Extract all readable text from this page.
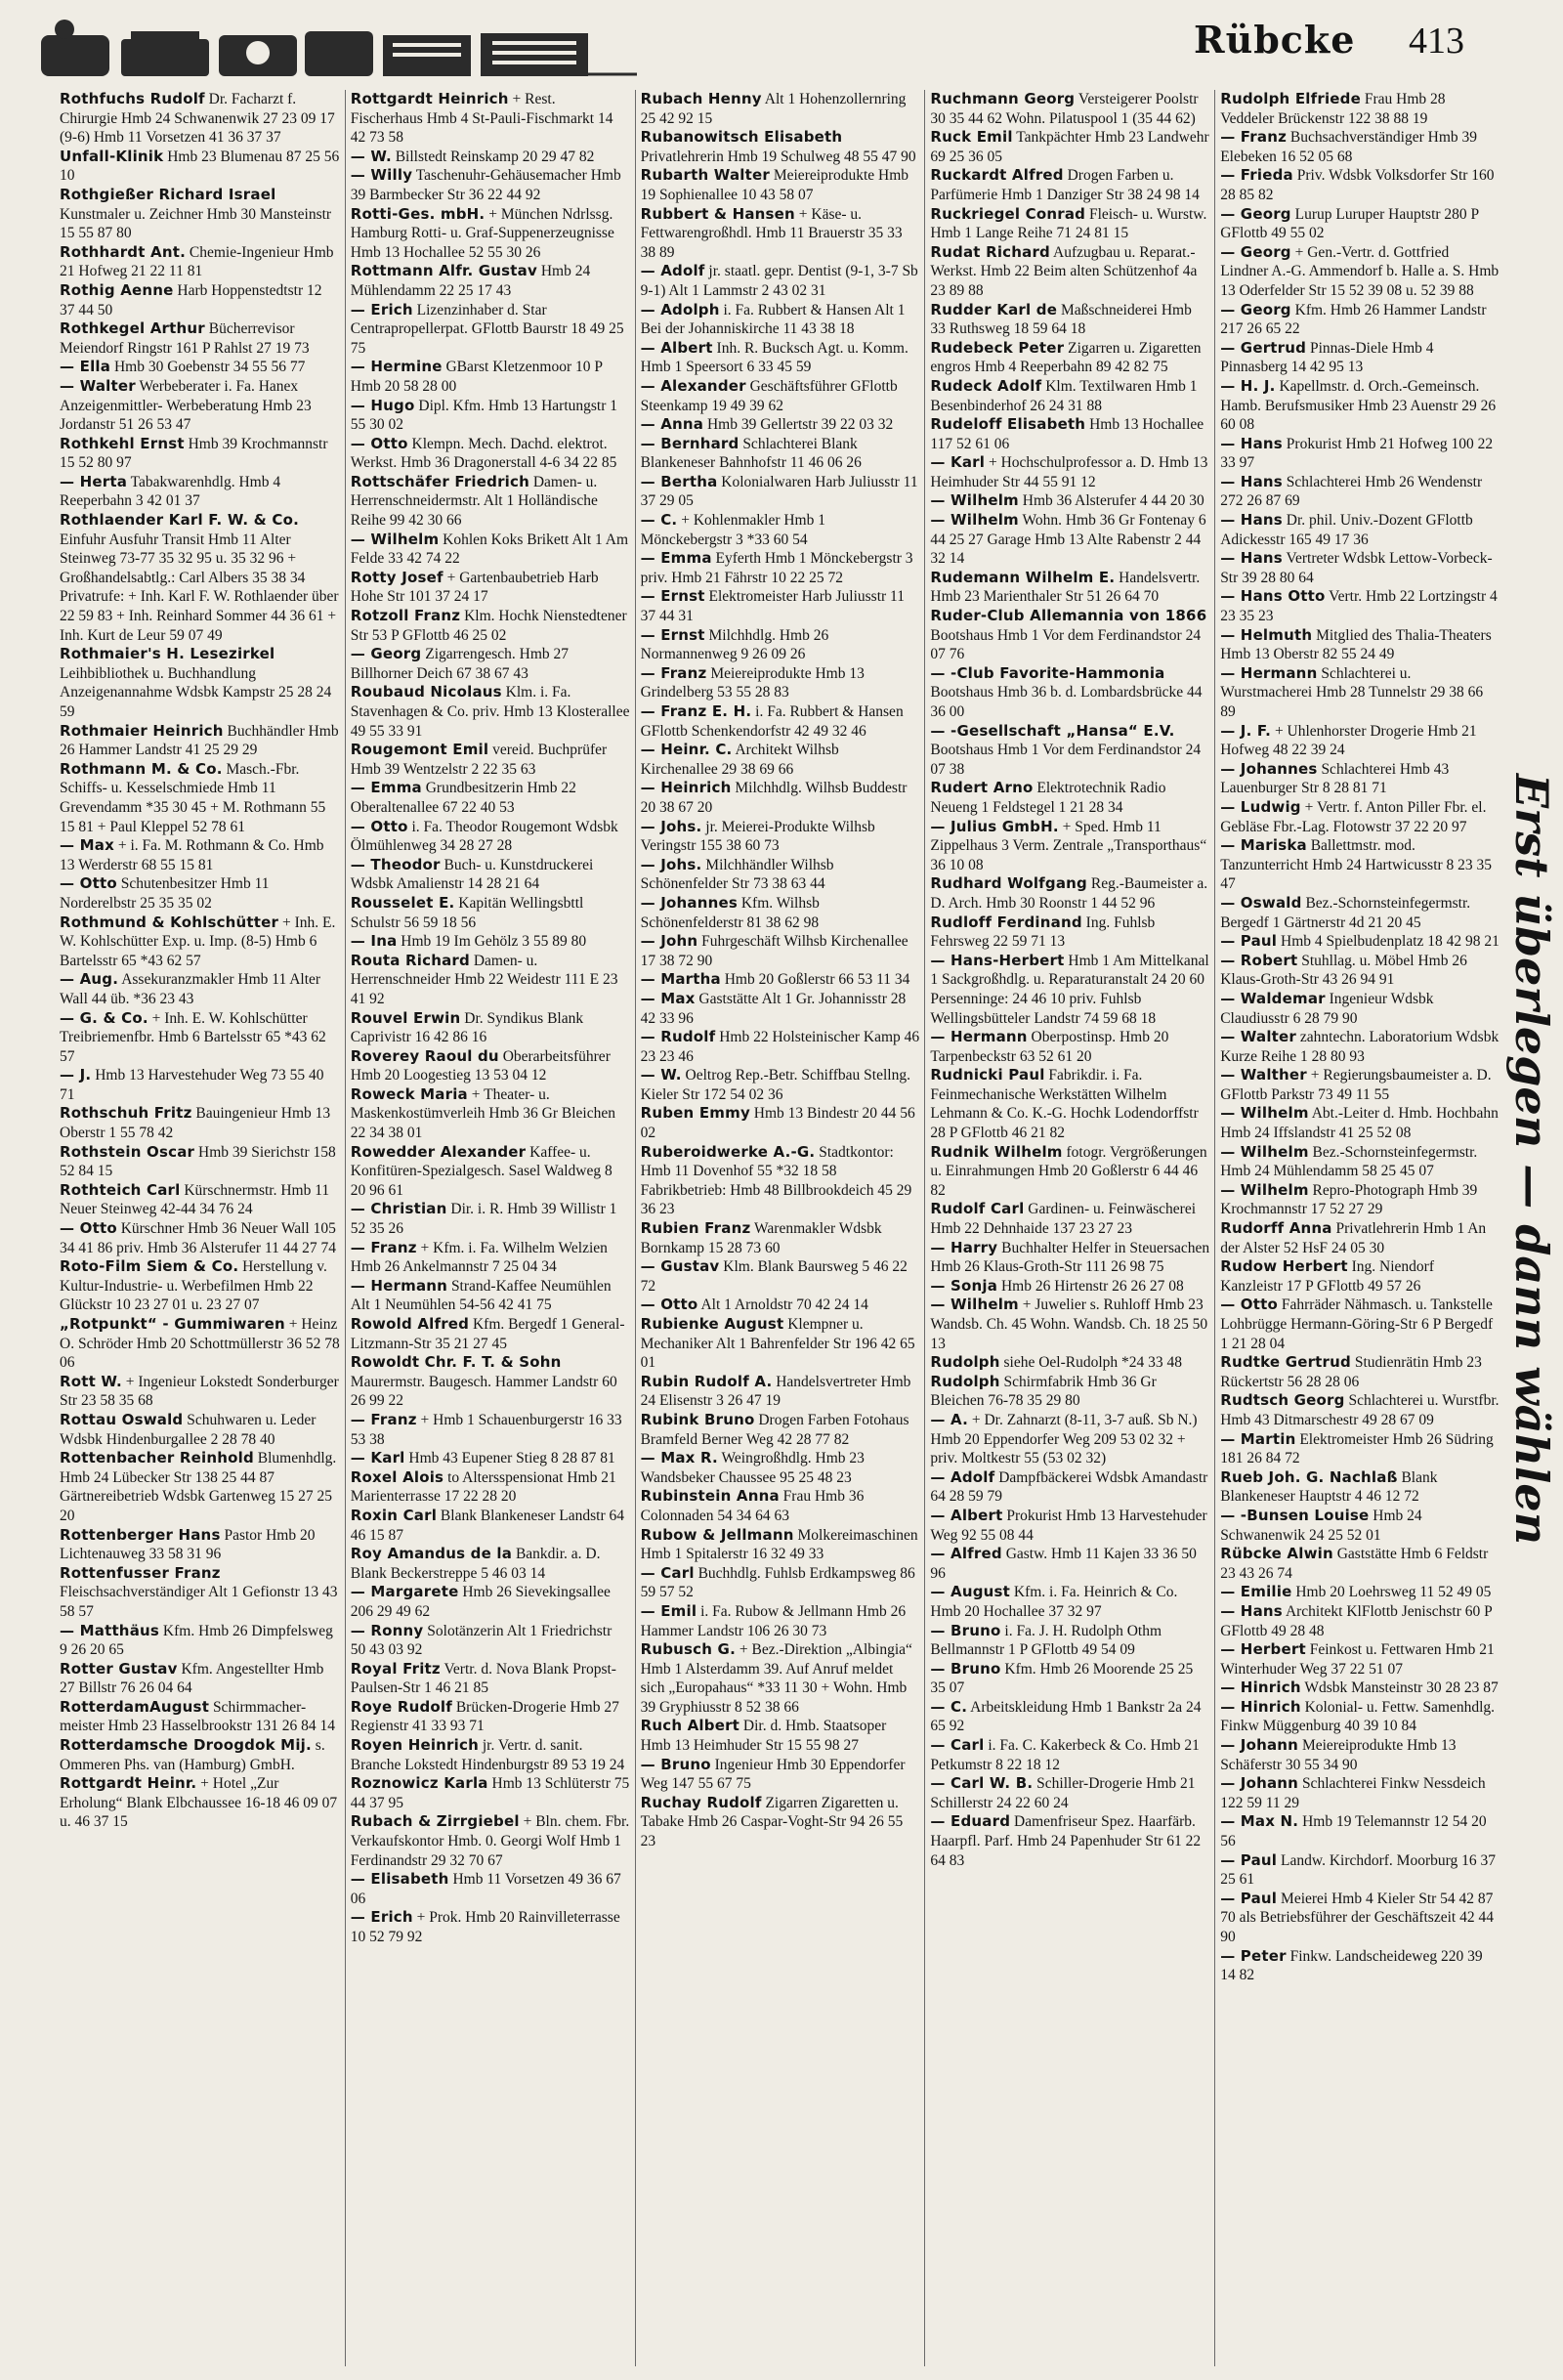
Rübcke 413

Rothfuchs Rudolf Dr. Facharzt f. Chirurgie Hmb 24 Schwanenwik 27 23 09 17 (9-6) Hmb 11 Vorsetzen 41 36 37 37

Unfall-Klinik Hmb 23 Blumenau 87 25 56 10

Rothgießer Richard Israel Kunstmaler u. Zeichner Hmb 30 Mansteinstr 15 55 87 80

Rothhardt Ant. Chemie-Ingenieur Hmb 21 Hofweg 21 22 11 81

Rothig Aenne Harb Hoppenstedtstr 12 37 44 50

Rothkegel Arthur Bücherrevisor Meiendorf Ringstr 161 P Rahlst 27 19 73

— Ella Hmb 30 Goebenstr 34 55 56 77

— Walter Werbeberater i. Fa. Hanex Anzeigenmittler- Werbeberatung Hmb 23 Jordanstr 51 26 53 47

Rothkehl Ernst Hmb 39 Krochmannstr 15 52 80 97

— Herta Tabakwarenhdlg. Hmb 4 Reeperbahn 3 42 01 37

Rothlaender Karl F. W. & Co. Einfuhr Ausfuhr Transit Hmb 11 Alter Steinweg 73-77 35 32 95 u. 35 32 96 + Großhandelsabtlg.: Carl Albers 35 38 34 Privatrufe: + Inh. Karl F. W. Rothlaender über 22 59 83 + Inh. Reinhard Sommer 44 36 61 + Inh. Kurt de Leur 59 07 49

Rothmaier's H. Lesezirkel Leihbibliothek u. Buchhandlung Anzeigenannahme Wdsbk Kampstr 25 28 24 59

Rothmaier Heinrich Buchhändler Hmb 26 Hammer Landstr 41 25 29 29

Rothmann M. & Co. Masch.-Fbr. Schiffs- u. Kesselschmiede Hmb 11 Grevendamm *35 30 45 + M. Rothmann 55 15 81 + Paul Kleppel 52 78 61

— Max + i. Fa. M. Rothmann & Co. Hmb 13 Werderstr 68 55 15 81

— Otto Schutenbesitzer Hmb 11 Norderelbstr 25 35 35 02

Rothmund & Kohlschütter + Inh. E. W. Kohlschütter Exp. u. Imp. (8-5) Hmb 6 Bartelsstr 65 *43 62 57

— Aug. Assekuranzmakler Hmb 11 Alter Wall 44 üb. *36 23 43

— G. & Co. + Inh. E. W. Kohlschütter Treibriemenfbr. Hmb 6 Bartelsstr 65 *43 62 57

— J. Hmb 13 Harvestehuder Weg 73 55 40 71

Rothschuh Fritz Bauingenieur Hmb 13 Oberstr 1 55 78 42

Rothstein Oscar Hmb 39 Sierichstr 158 52 84 15

Rothteich Carl Kürschnermstr. Hmb 11 Neuer Steinweg 42-44 34 76 24

— Otto Kürschner Hmb 36 Neuer Wall 105 34 41 86 priv. Hmb 36 Alsterufer 11 44 27 74

Roto-Film Siem & Co. Herstellung v. Kultur-Industrie- u. Werbefilmen Hmb 22 Glückstr 10 23 27 01 u. 23 27 07

„Rotpunkt“ - Gummiwaren + Heinz O. Schröder Hmb 20 Schottmüllerstr 36 52 78 06

Rott W. + Ingenieur Lokstedt Sonderburger Str 23 58 35 68

Rottau Oswald Schuhwaren u. Leder Wdsbk Hindenburgallee 2 28 78 40

Rottenbacher Reinhold Blumenhdlg. Hmb 24 Lübecker Str 138 25 44 87 Gärtnereibetrieb Wdsbk Gartenweg 15 27 25 20

Rottenberger Hans Pastor Hmb 20 Lichtenauweg 33 58 31 96

Rottenfusser Franz Fleischsachverständiger Alt 1 Gefionstr 13 43 58 57

— Matthäus Kfm. Hmb 26 Dimpfelsweg 9 26 20 65

Rotter Gustav Kfm. Angestellter Hmb 27 Billstr 76 26 04 64

RotterdamAugust Schirmmacher-meister Hmb 23 Hasselbrookstr 131 26 84 14

Rotterdamsche Droogdok Mij. s. Ommeren Phs. van (Hamburg) GmbH.

Rottgardt Heinr. + Hotel „Zur Erholung“ Blank Elbchaussee 16-18 46 09 07 u. 46 37 15

Rottgardt Heinrich + Rest. Fischerhaus Hmb 4 St-Pauli-Fischmarkt 14 42 73 58

— W. Billstedt Reinskamp 20 29 47 82

— Willy Taschenuhr-Gehäusemacher Hmb 39 Barmbecker Str 36 22 44 92

Rotti-Ges. mbH. + München Ndrlssg. Hamburg Rotti- u. Graf-Suppenerzeugnisse Hmb 13 Hochallee 52 55 30 26

Rottmann Alfr. Gustav Hmb 24 Mühlendamm 22 25 17 43

— Erich Lizenzinhaber d. Star Centrapropellerpat. GFlottb Baurstr 18 49 25 75

— Hermine GBarst Kletzenmoor 10 P Hmb 20 58 28 00

— Hugo Dipl. Kfm. Hmb 13 Hartungstr 1 55 30 02

— Otto Klempn. Mech. Dachd. elektrot. Werkst. Hmb 36 Dragonerstall 4-6 34 22 85

Rottschäfer Friedrich Damen- u. Herrenschneidermstr. Alt 1 Holländische Reihe 99 42 30 66

— Wilhelm Kohlen Koks Brikett Alt 1 Am Felde 33 42 74 22

Rotty Josef + Gartenbaubetrieb Harb Hohe Str 101 37 24 17

Rotzoll Franz Klm. Hochk Nienstedtener Str 53 P GFlottb 46 25 02

— Georg Zigarrengesch. Hmb 27 Billhorner Deich 67 38 67 43

Roubaud Nicolaus Klm. i. Fa. Stavenhagen & Co. priv. Hmb 13 Klosterallee 49 55 33 91

Rougemont Emil vereid. Buchprüfer Hmb 39 Wentzelstr 2 22 35 63

— Emma Grundbesitzerin Hmb 22 Oberaltenallee 67 22 40 53

— Otto i. Fa. Theodor Rougemont Wdsbk Ölmühlenweg 34 28 27 28

— Theodor Buch- u. Kunstdruckerei Wdsbk Amalienstr 14 28 21 64

Rousselet E. Kapitän Wellingsbttl Schulstr 56 59 18 56

— Ina Hmb 19 Im Gehölz 3 55 89 80

Routa Richard Damen- u. Herrenschneider Hmb 22 Weidestr 111 E 23 41 92

Rouvel Erwin Dr. Syndikus Blank Caprivistr 16 42 86 16

Roverey Raoul du Oberarbeitsführer Hmb 20 Loogestieg 13 53 04 12

Roweck Maria + Theater- u. Maskenkostümverleih Hmb 36 Gr Bleichen 22 34 38 01

Rowedder Alexander Kaffee- u. Konfitüren-Spezialgesch. Sasel Waldweg 8 20 96 61

— Christian Dir. i. R. Hmb 39 Willistr 1 52 35 26

— Franz + Kfm. i. Fa. Wilhelm Welzien Hmb 26 Ankelmannstr 7 25 04 34

— Hermann Strand-Kaffee Neumühlen Alt 1 Neumühlen 54-56 42 41 75

Rowold Alfred Kfm. Bergedf 1 General-Litzmann-Str 35 21 27 45

Rowoldt Chr. F. T. & Sohn Maurermstr. Baugesch. Hammer Landstr 60 26 99 22

— Franz + Hmb 1 Schauenburgerstr 16 33 53 38

— Karl Hmb 43 Eupener Stieg 8 28 87 81

Roxel Alois to Altersspensionat Hmb 21 Marienterrasse 17 22 28 20

Roxin Carl Blank Blankeneser Landstr 64 46 15 87

Roy Amandus de la Bankdir. a. D. Blank Beckerstreppe 5 46 03 14

— Margarete Hmb 26 Sievekingsallee 206 29 49 62

— Ronny Solotänzerin Alt 1 Friedrichstr 50 43 03 92

Royal Fritz Vertr. d. Nova Blank Propst-Paulsen-Str 1 46 21 85

Roye Rudolf Brücken-Drogerie Hmb 27 Regienstr 41 33 93 71

Royen Heinrich jr. Vertr. d. sanit. Branche Lokstedt Hindenburgstr 89 53 19 24

Roznowicz Karla Hmb 13 Schlüterstr 75 44 37 95

Rubach & Zirrgiebel + Bln. chem. Fbr. Verkaufskontor Hmb. 0. Georgi Wolf Hmb 1 Ferdinandstr 29 32 70 67

— Elisabeth Hmb 11 Vorsetzen 49 36 67 06

— Erich + Prok. Hmb 20 Rainvilleterrasse 10 52 79 92

Rubach Henny Alt 1 Hohenzollernring 25 42 92 15

Rubanowitsch Elisabeth Privatlehrerin Hmb 19 Schulweg 48 55 47 90

Rubarth Walter Meiereiprodukte Hmb 19 Sophienallee 10 43 58 07

Rubbert & Hansen + Käse- u. Fettwarengroßhdl. Hmb 11 Brauerstr 35 33 38 89

— Adolf jr. staatl. gepr. Dentist (9-1, 3-7 Sb 9-1) Alt 1 Lammstr 2 43 02 31

— Adolph i. Fa. Rubbert & Hansen Alt 1 Bei der Johanniskirche 11 43 38 18

— Albert Inh. R. Bucksch Agt. u. Komm. Hmb 1 Speersort 6 33 45 59

— Alexander Geschäftsführer GFlottb Steenkamp 19 49 39 62

— Anna Hmb 39 Gellertstr 39 22 03 32

— Bernhard Schlachterei Blank Blankeneser Bahnhofstr 11 46 06 26

— Bertha Kolonialwaren Harb Juliusstr 11 37 29 05

— C. + Kohlenmakler Hmb 1 Mönckebergstr 3 *33 60 54

— Emma Eyferth Hmb 1 Mönckebergstr 3 priv. Hmb 21 Fährstr 10 22 25 72

— Ernst Elektromeister Harb Juliusstr 11 37 44 31

— Ernst Milchhdlg. Hmb 26 Normannenweg 9 26 09 26

— Franz Meiereiprodukte Hmb 13 Grindelberg 53 55 28 83

— Franz E. H. i. Fa. Rubbert & Hansen GFlottb Schenkendorfstr 42 49 32 46

— Heinr. C. Architekt Wilhsb Kirchenallee 29 38 69 66

— Heinrich Milchhdlg. Wilhsb Buddestr 20 38 67 20

— Johs. jr. Meierei-Produkte Wilhsb Veringstr 155 38 60 73

— Johs. Milchhändler Wilhsb Schönenfelder Str 73 38 63 44

— Johannes Kfm. Wilhsb Schönenfelderstr 81 38 62 98

— John Fuhrgeschäft Wilhsb Kirchenallee 17 38 72 90

— Martha Hmb 20 Goßlerstr 66 53 11 34

— Max Gaststätte Alt 1 Gr. Johannisstr 28 42 33 96

— Rudolf Hmb 22 Holsteinischer Kamp 46 23 23 46

— W. Oeltrog Rep.-Betr. Schiffbau Stellng. Kieler Str 172 54 02 36

Ruben Emmy Hmb 13 Bindestr 20 44 56 02

Ruberoidwerke A.-G. Stadtkontor: Hmb 11 Dovenhof 55 *32 18 58 Fabrikbetrieb: Hmb 48 Billbrookdeich 45 29 36 23

Rubien Franz Warenmakler Wdsbk Bornkamp 15 28 73 60

— Gustav Klm. Blank Baursweg 5 46 22 72

— Otto Alt 1 Arnoldstr 70 42 24 14

Rubienke August Klempner u. Mechaniker Alt 1 Bahrenfelder Str 196 42 65 01

Rubin Rudolf A. Handelsvertreter Hmb 24 Elisenstr 3 26 47 19

Rubink Bruno Drogen Farben Fotohaus Bramfeld Berner Weg 42 28 77 82

— Max R. Weingroßhdlg. Hmb 23 Wandsbeker Chaussee 95 25 48 23

Rubinstein Anna Frau Hmb 36 Colonnaden 54 34 64 63

Rubow & Jellmann Molkereimaschinen Hmb 1 Spitalerstr 16 32 49 33

— Carl Buchhdlg. Fuhlsb Erdkampsweg 86 59 57 52

— Emil i. Fa. Rubow & Jellmann Hmb 26 Hammer Landstr 106 26 30 73

Rubusch G. + Bez.-Direktion „Albingia“ Hmb 1 Alsterdamm 39. Auf Anruf meldet sich „Europahaus“ *33 11 30 + Wohn. Hmb 39 Gryphiusstr 8 52 38 66

Ruch Albert Dir. d. Hmb. Staatsoper Hmb 13 Heimhuder Str 15 55 98 27

— Bruno Ingenieur Hmb 30 Eppendorfer Weg 147 55 67 75

Ruchay Rudolf Zigarren Zigaretten u. Tabake Hmb 26 Caspar-Voght-Str 94 26 55 23

Ruchmann Georg Versteigerer Poolstr 30 35 44 62 Wohn. Pilatuspool 1 (35 44 62)

Ruck Emil Tankpächter Hmb 23 Landwehr 69 25 36 05

Ruckardt Alfred Drogen Farben u. Parfümerie Hmb 1 Danziger Str 38 24 98 14

Ruckriegel Conrad Fleisch- u. Wurstw. Hmb 1 Lange Reihe 71 24 81 15

Rudat Richard Aufzugbau u. Reparat.-Werkst. Hmb 22 Beim alten Schützenhof 4a 23 89 88

Rudder Karl de Maßschneiderei Hmb 33 Ruthsweg 18 59 64 18

Rudebeck Peter Zigarren u. Zigaretten engros Hmb 4 Reeperbahn 89 42 82 75

Rudeck Adolf Klm. Textilwaren Hmb 1 Besenbinderhof 26 24 31 88

Rudeloff Elisabeth Hmb 13 Hochallee 117 52 61 06

— Karl + Hochschulprofessor a. D. Hmb 13 Heimhuder Str 44 55 91 12

— Wilhelm Hmb 36 Alsterufer 4 44 20 30

— Wilhelm Wohn. Hmb 36 Gr Fontenay 6 44 25 27 Garage Hmb 13 Alte Rabenstr 2 44 32 14

Rudemann Wilhelm E. Handelsvertr. Hmb 23 Marienthaler Str 51 26 64 70

Ruder-Club Allemannia von 1866 Bootshaus Hmb 1 Vor dem Ferdinandstor 24 07 76

— -Club Favorite-Hammonia Bootshaus Hmb 36 b. d. Lombardsbrücke 44 36 00

— -Gesellschaft „Hansa“ E.V. Bootshaus Hmb 1 Vor dem Ferdinandstor 24 07 38

Rudert Arno Elektrotechnik Radio Neueng 1 Feldstegel 1 21 28 34

— Julius GmbH. + Sped. Hmb 11 Zippelhaus 3 Verm. Zentrale „Transporthaus“ 36 10 08

Rudhard Wolfgang Reg.-Baumeister a. D. Arch. Hmb 30 Roonstr 1 44 52 96

Rudloff Ferdinand Ing. Fuhlsb Fehrsweg 22 59 71 13

— Hans-Herbert Hmb 1 Am Mittelkanal 1 Sackgroßhdlg. u. Reparaturanstalt 24 20 60 Persenninge: 24 46 10 priv. Fuhlsb Wellingsbütteler Landstr 74 59 68 18

— Hermann Oberpostinsp. Hmb 20 Tarpenbeckstr 63 52 61 20

Rudnicki Paul Fabrikdir. i. Fa. Feinmechanische Werkstätten Wilhelm Lehmann & Co. K.-G. Hochk Lodendorffstr 28 P GFlottb 46 21 82

Rudnik Wilhelm fotogr. Vergrößerungen u. Einrahmungen Hmb 20 Goßlerstr 6 44 46 82

Rudolf Carl Gardinen- u. Feinwäscherei Hmb 22 Dehnhaide 137 23 27 23

— Harry Buchhalter Helfer in Steuersachen Hmb 26 Klaus-Groth-Str 111 26 98 75

— Sonja Hmb 26 Hirtenstr 26 26 27 08

— Wilhelm + Juwelier s. Ruhloff Hmb 23 Wandsb. Ch. 45 Wohn. Wandsb. Ch. 18 25 50 13

Rudolph siehe Oel-Rudolph *24 33 48

Rudolph Schirmfabrik Hmb 36 Gr Bleichen 76-78 35 29 80

— A. + Dr. Zahnarzt (8-11, 3-7 auß. Sb N.) Hmb 20 Eppendorfer Weg 209 53 02 32 + priv. Moltkestr 55 (53 02 32)

— Adolf Dampfbäckerei Wdsbk Amandastr 64 28 59 79

— Albert Prokurist Hmb 13 Harvestehuder Weg 92 55 08 44

— Alfred Gastw. Hmb 11 Kajen 33 36 50 96

— August Kfm. i. Fa. Heinrich & Co. Hmb 20 Hochallee 37 32 97

— Bruno i. Fa. J. H. Rudolph Othm Bellmannstr 1 P GFlottb 49 54 09

— Bruno Kfm. Hmb 26 Moorende 25 25 35 07

— C. Arbeitskleidung Hmb 1 Bankstr 2a 24 65 92

— Carl i. Fa. C. Kakerbeck & Co. Hmb 21 Petkumstr 8 22 18 12

— Carl W. B. Schiller-Drogerie Hmb 21 Schillerstr 24 22 60 24

— Eduard Damenfriseur Spez. Haarfärb. Haarpfl. Parf. Hmb 24 Papenhuder Str 61 22 64 83

Rudolph Elfriede Frau Hmb 28 Veddeler Brückenstr 122 38 88 19

— Franz Buchsachverständiger Hmb 39 Elebeken 16 52 05 68

— Frieda Priv. Wdsbk Volksdorfer Str 160 28 85 82

— Georg Lurup Luruper Hauptstr 280 P GFlottb 49 55 02

— Georg + Gen.-Vertr. d. Gottfried Lindner A.-G. Ammendorf b. Halle a. S. Hmb 13 Oderfelder Str 15 52 39 08 u. 52 39 88

— Georg Kfm. Hmb 26 Hammer Landstr 217 26 65 22

— Gertrud Pinnas-Diele Hmb 4 Pinnasberg 14 42 95 13

— H. J. Kapellmstr. d. Orch.-Gemeinsch. Hamb. Berufsmusiker Hmb 23 Auenstr 29 26 60 08

— Hans Prokurist Hmb 21 Hofweg 100 22 33 97

— Hans Schlachterei Hmb 26 Wendenstr 272 26 87 69

— Hans Dr. phil. Univ.-Dozent GFlottb Adickesstr 165 49 17 36

— Hans Vertreter Wdsbk Lettow-Vorbeck-Str 39 28 80 64

— Hans Otto Vertr. Hmb 22 Lortzingstr 4 23 35 23

— Helmuth Mitglied des Thalia-Theaters Hmb 13 Oberstr 82 55 24 49

— Hermann Schlachterei u. Wurstmacherei Hmb 28 Tunnelstr 29 38 66 89

— J. F. + Uhlenhorster Drogerie Hmb 21 Hofweg 48 22 39 24

— Johannes Schlachterei Hmb 43 Lauenburger Str 8 28 81 71

— Ludwig + Vertr. f. Anton Piller Fbr. el. Gebläse Fbr.-Lag. Flotowstr 37 22 20 97

— Mariska Ballettmstr. mod. Tanzunterricht Hmb 24 Hartwicusstr 8 23 35 47

— Oswald Bez.-Schornsteinfegermstr. Bergedf 1 Gärtnerstr 4d 21 20 45

— Paul Hmb 4 Spielbudenplatz 18 42 98 21

— Robert Stuhllag. u. Möbel Hmb 26 Klaus-Groth-Str 43 26 94 91

— Waldemar Ingenieur Wdsbk Claudiusstr 6 28 79 90

— Walter zahntechn. Laboratorium Wdsbk Kurze Reihe 1 28 80 93

— Walther + Regierungsbaumeister a. D. GFlottb Parkstr 73 49 11 55

— Wilhelm Abt.-Leiter d. Hmb. Hochbahn Hmb 24 Iffslandstr 41 25 52 08

— Wilhelm Bez.-Schornsteinfegermstr. Hmb 24 Mühlendamm 58 25 45 07

— Wilhelm Repro-Photograph Hmb 39 Krochmannstr 17 52 27 29

Rudorff Anna Privatlehrerin Hmb 1 An der Alster 52 HsF 24 05 30

Rudow Herbert Ing. Niendorf Kanzleistr 17 P GFlottb 49 57 26

— Otto Fahrräder Nähmasch. u. Tankstelle Lohbrügge Hermann-Göring-Str 6 P Bergedf 1 21 28 04

Rudtke Gertrud Studienrätin Hmb 23 Rückertstr 56 28 28 06

Rudtsch Georg Schlachterei u. Wurstfbr. Hmb 43 Ditmarschestr 49 28 67 09

— Martin Elektromeister Hmb 26 Südring 181 26 84 72

Rueb Joh. G. Nachlaß Blank Blankeneser Hauptstr 4 46 12 72

— -Bunsen Louise Hmb 24 Schwanenwik 24 25 52 01

Rübcke Alwin Gaststätte Hmb 6 Feldstr 23 43 26 74

— Emilie Hmb 20 Loehrsweg 11 52 49 05

— Hans Architekt KlFlottb Jenischstr 60 P GFlottb 49 28 48

— Herbert Feinkost u. Fettwaren Hmb 21 Winterhuder Weg 37 22 51 07

— Hinrich Wdsbk Mansteinstr 30 28 23 87

— Hinrich Kolonial- u. Fettw. Samenhdlg. Finkw Müggenburg 40 39 10 84

— Johann Meiereiprodukte Hmb 13 Schäferstr 30 55 34 90

— Johann Schlachterei Finkw Nessdeich 122 59 11 29

— Max N. Hmb 19 Telemannstr 12 54 20 56

— Paul Landw. Kirchdorf. Moorburg 16 37 25 61

— Paul Meierei Hmb 4 Kieler Str 54 42 87 70 als Betriebsführer der Geschäftszeit 42 44 90

— Peter Finkw. Landscheideweg 220 39 14 82

Erst überlegen — dann wählen
